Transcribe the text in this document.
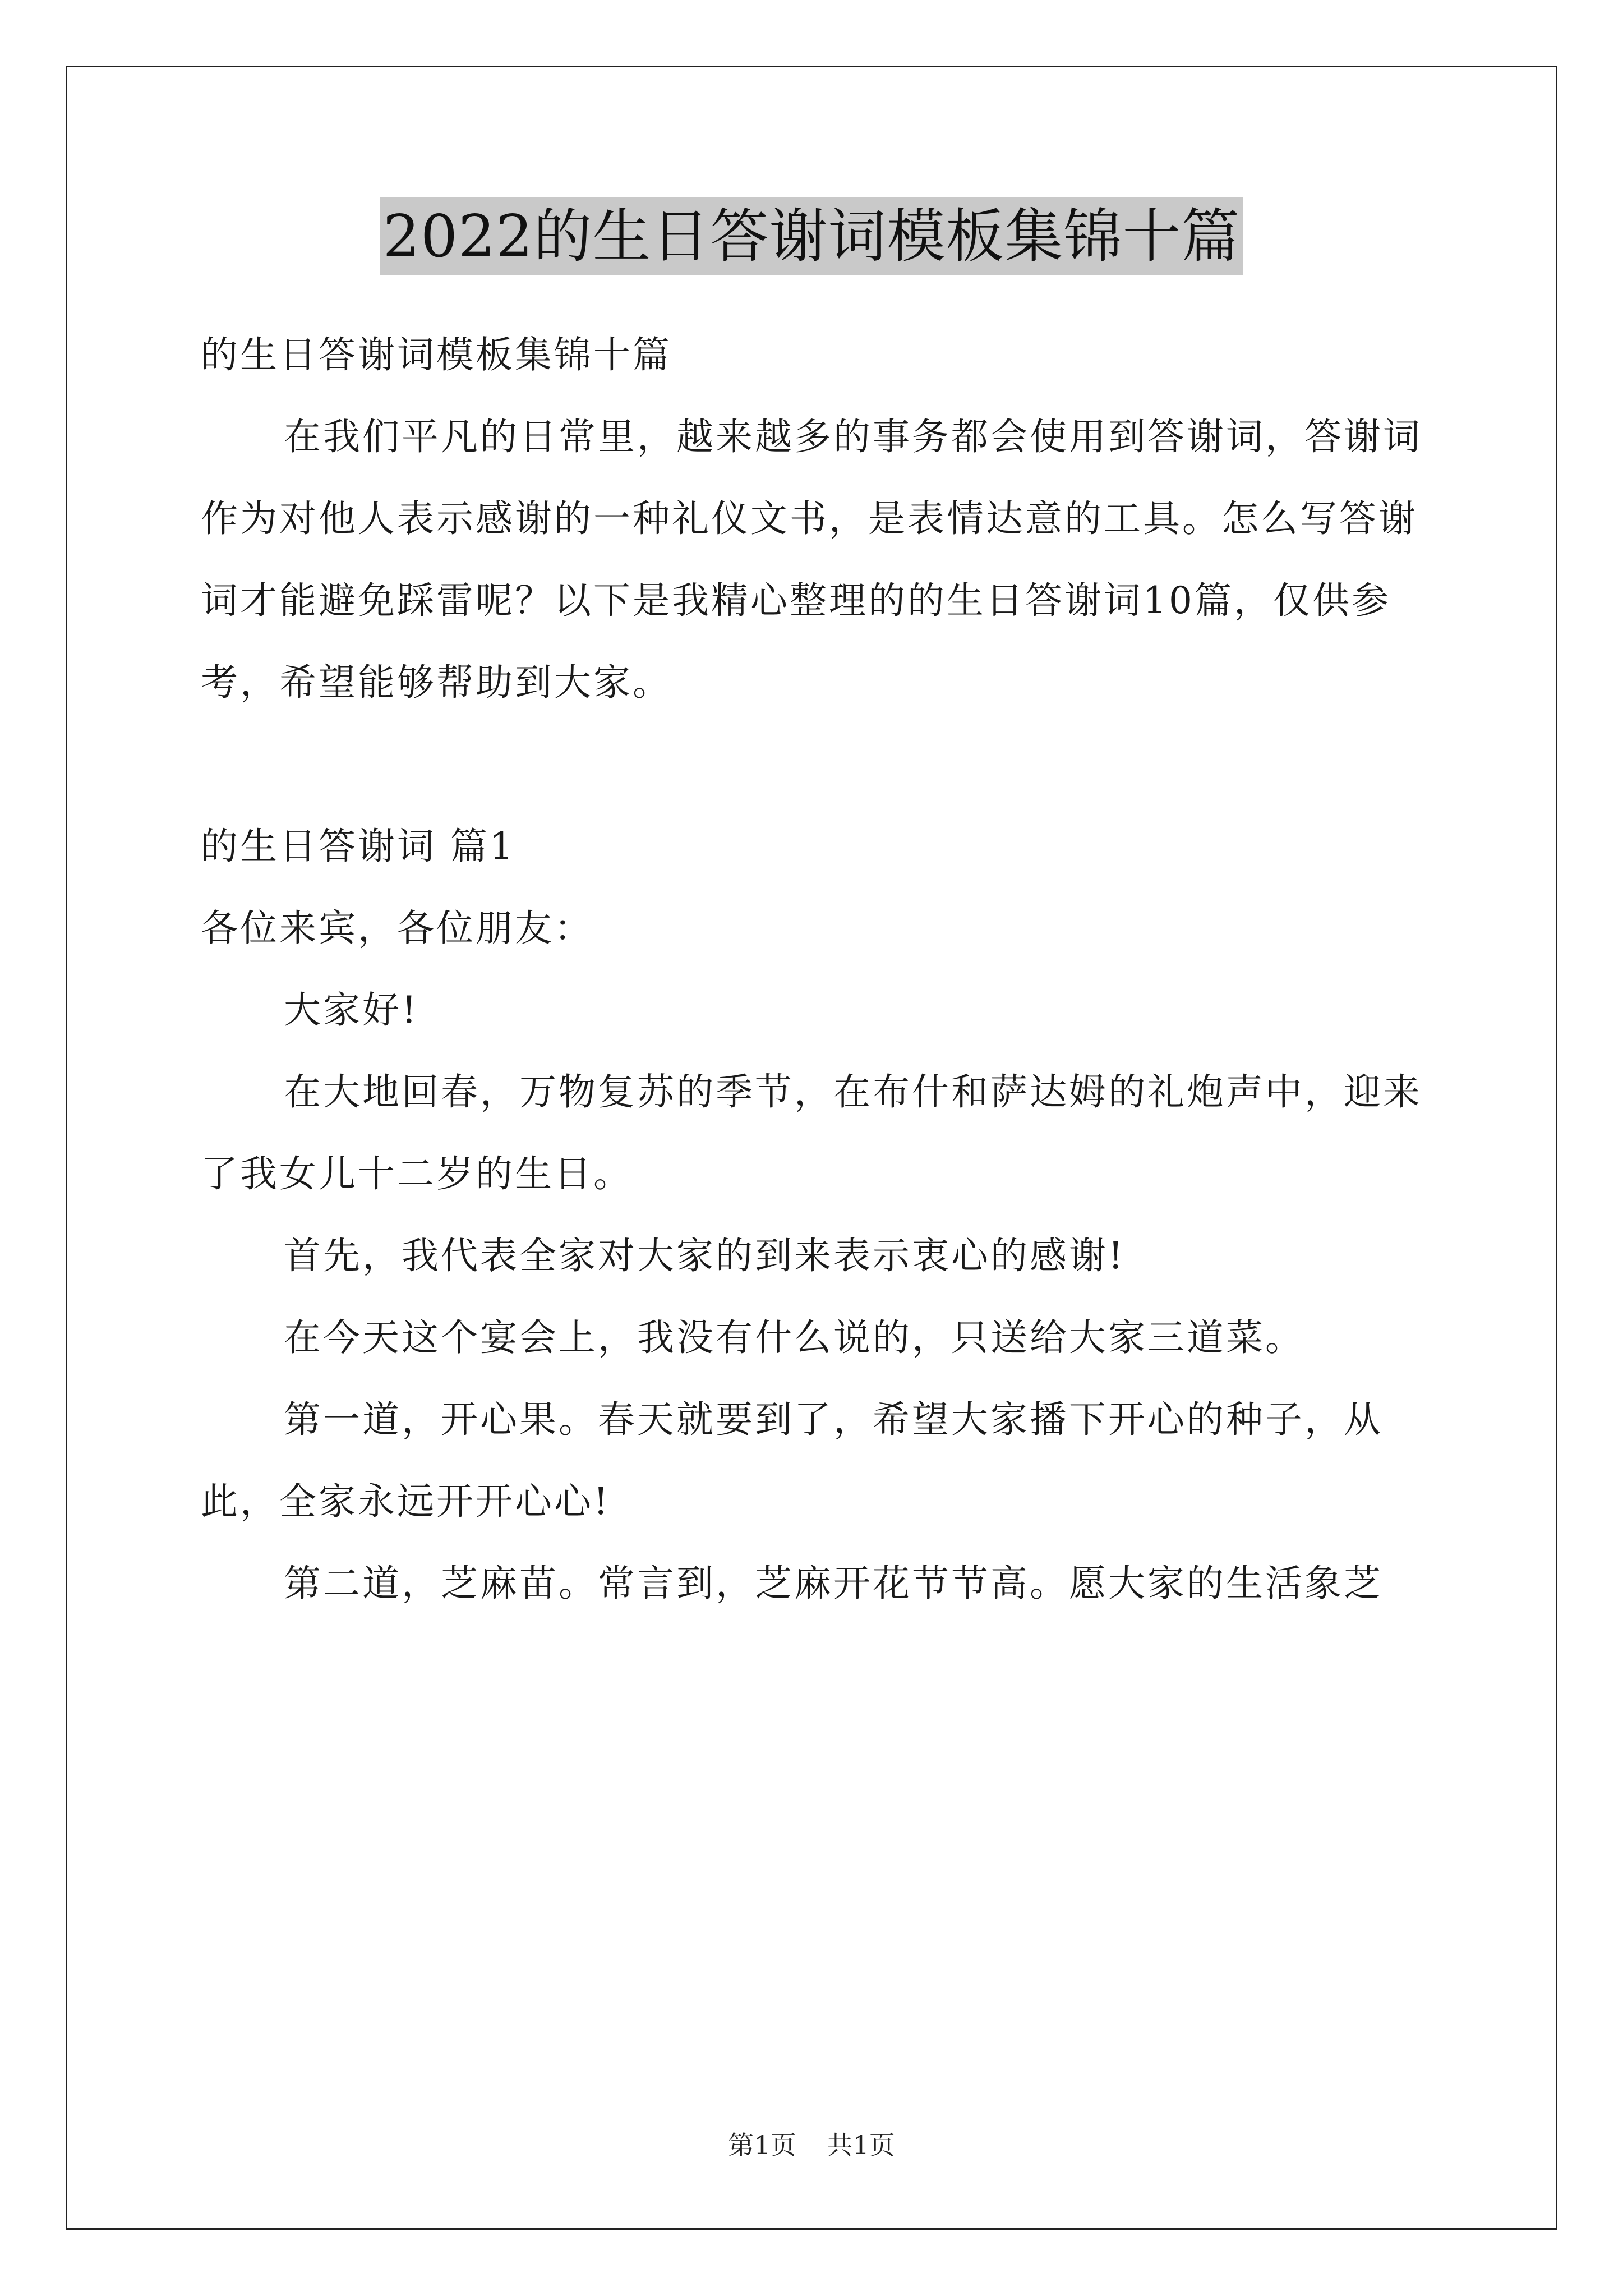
2022的生日答谢词模板集锦十篇

的生日答谢词模板集锦十篇

在我们平凡的日常里，越来越多的事务都会使用到答谢词，答谢词作为对他人表示感谢的一种礼仪文书，是表情达意的工具。怎么写答谢词才能避免踩雷呢？以下是我精心整理的的生日答谢词10篇，仅供参考，希望能够帮助到大家。

的生日答谢词 篇1

各位来宾，各位朋友：

大家好!

在大地回春，万物复苏的季节，在布什和萨达姆的礼炮声中，迎来了我女儿十二岁的生日。

首先，我代表全家对大家的到来表示衷心的感谢!

在今天这个宴会上，我没有什么说的，只送给大家三道菜。

第一道，开心果。春天就要到了，希望大家播下开心的种子，从此，全家永远开开心心!

第二道，芝麻苗。常言到，芝麻开花节节高。愿大家的生活象芝

第1页 共1页
